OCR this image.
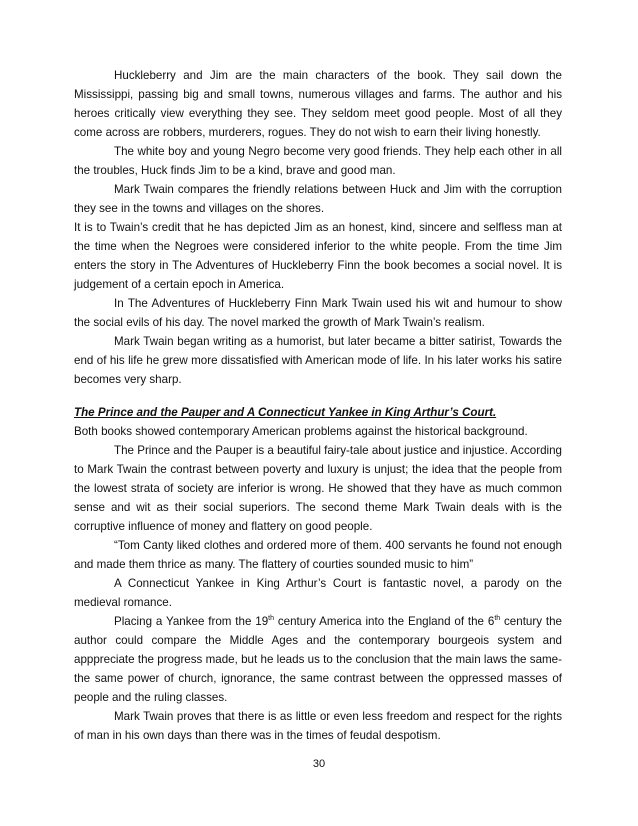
Huckleberry and Jim are the main characters of the book. They sail down the Mississippi, passing big and small towns, numerous villages and farms. The author and his heroes critically view everything they see. They seldom meet good people. Most of all they come across are robbers, murderers, rogues. They do not wish to earn their living honestly.

The white boy and young Negro become very good friends. They help each other in all the troubles, Huck finds Jim to be a kind, brave and good man.

Mark Twain compares the friendly relations between Huck and Jim with the corruption they see in the towns and villages on the shores.

It is to Twain’s credit that he has depicted Jim as an honest, kind, sincere and selfless man at the time when the Negroes were considered inferior to the white people. From the time Jim enters the story in The Adventures of Huckleberry Finn the book becomes a social novel. It is judgement of a certain epoch in America.

In The Adventures of Huckleberry Finn Mark Twain used his wit and humour to show the social evils of his day. The novel marked the growth of Mark Twain’s realism.

Mark Twain began writing as a humorist, but later became a bitter satirist, Towards the end of his life he grew more dissatisfied with American mode of life. In his later works his satire becomes very sharp.

The Prince and the Pauper and A Connecticut Yankee in King Arthur’s Court.

Both books showed contemporary American problems against the historical background.

The Prince and the Pauper is a beautiful fairy-tale about justice and injustice. According to Mark Twain the contrast between poverty and luxury is unjust; the idea that the people from the lowest strata of society are inferior is wrong. He showed that they have as much common sense and wit as their social superiors. The second theme Mark Twain deals with is the corruptive influence of money and flattery on good people.

“Tom Canty liked clothes and ordered more of them. 400 servants he found not enough and made them thrice as many. The flattery of courties sounded music to him”

A Connecticut Yankee in King Arthur’s Court is fantastic novel, a parody on the medieval romance.

Placing a Yankee from the 19th century America into the England of the 6th century the author could compare the Middle Ages and the contemporary bourgeois system and apppreciate the progress made, but he leads us to the conclusion that the main laws the same-the same power of church, ignorance, the same contrast between the oppressed masses of people and the ruling classes.

Mark Twain proves that there is as little or even less freedom and respect for the rights of man in his own days than there was in the times of feudal despotism.

30
